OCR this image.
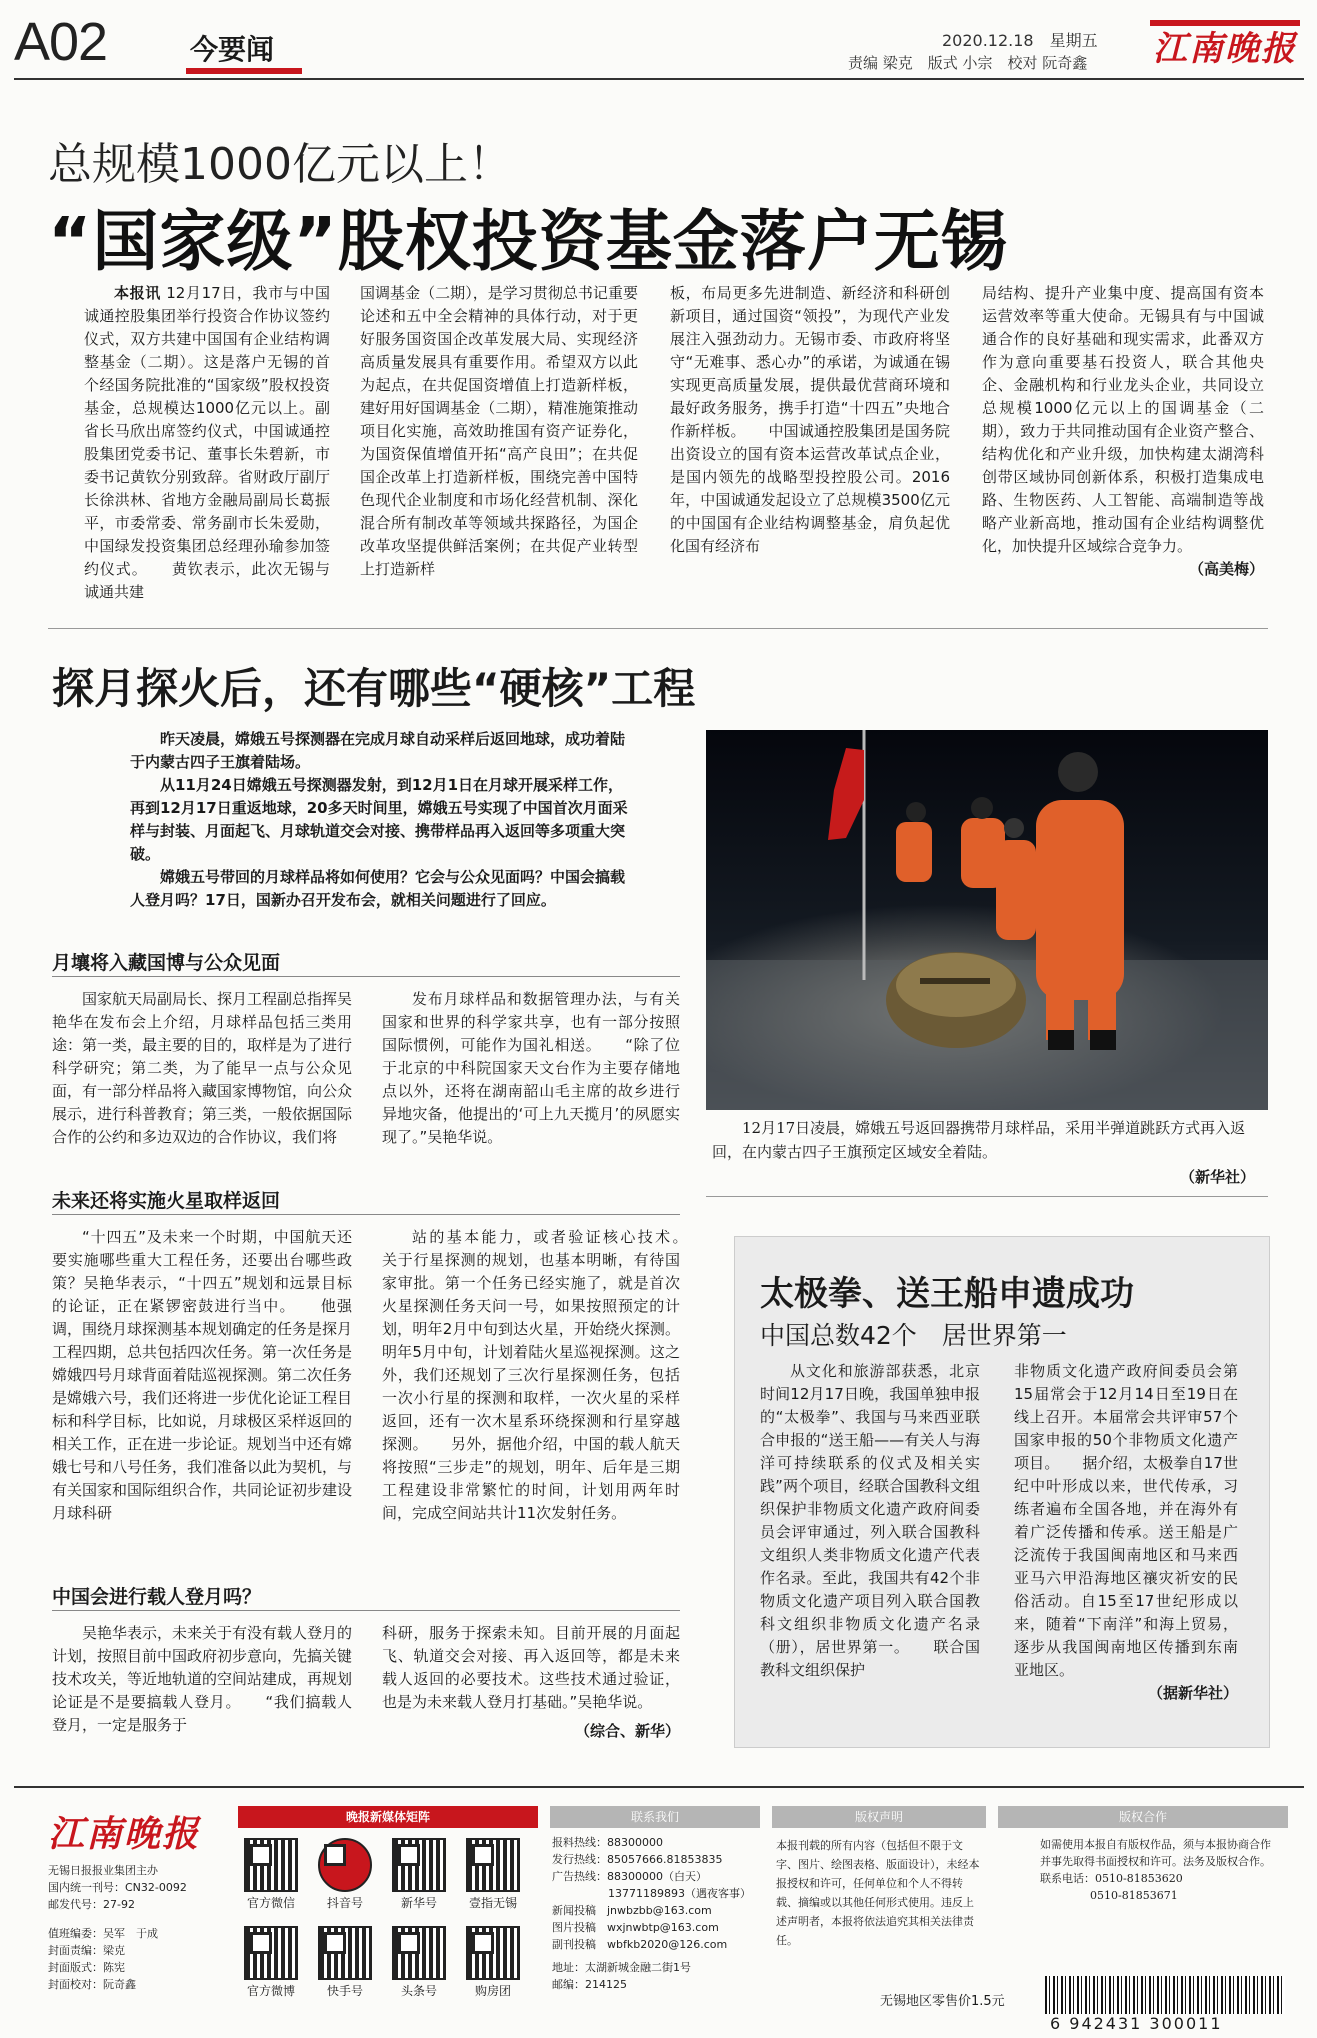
A02	今要闻	2020.12.18　星期五
责编 梁克　版式 小宗　校对 阮奇鑫 江南晚报
总规模1000亿元以上！
“国家级”股权投资基金落户无锡

本报讯 12月17日，我市与中国诚通控股集团举行投资合作协议签约仪式，双方共建中国国有企业结构调整基金（二期）。这是落户无锡的首个经国务院批准的“国家级”股权投资基金，总规模达1000亿元以上。副省长马欣出席签约仪式，中国诚通控股集团党委书记、董事长朱碧新，市委书记黄钦分别致辞。省财政厅副厅长徐洪林、省地方金融局副局长葛振平，市委常委、常务副市长朱爱勋，中国绿发投资集团总经理孙瑜参加签约仪式。　　黄钦表示，此次无锡与诚通共建

国调基金（二期），是学习贯彻总书记重要论述和五中全会精神的具体行动，对于更好服务国资国企改革发展大局、实现经济高质量发展具有重要作用。希望双方以此为起点，在共促国资增值上打造新样板，建好用好国调基金（二期），精准施策推动项目化实施，高效助推国有资产证券化，为国资保值增值开拓“高产良田”；在共促国企改革上打造新样板，围绕完善中国特色现代企业制度和市场化经营机制、深化混合所有制改革等领域共探路径，为国企改革攻坚提供鲜活案例；在共促产业转型上打造新样
板，布局更多先进制造、新经济和科研创新项目，通过国资“领投”，为现代产业发展注入强劲动力。无锡市委、市政府将坚守“无难事、悉心办”的承诺，为诚通在锡实现更高质量发展，提供最优营商环境和最好政务服务，携手打造“十四五”央地合作新样板。　　中国诚通控股集团是国务院出资设立的国有资本运营改革试点企业，是国内领先的战略型投控股公司。2016年，中国诚通发起设立了总规模3500亿元的中国国有企业结构调整基金，肩负起优化国有经济布
局结构、提升产业集中度、提高国有资本运营效率等重大使命。无锡具有与中国诚通合作的良好基础和现实需求，此番双方作为意向重要基石投资人，联合其他央企、金融机构和行业龙头企业，共同设立总规模1000亿元以上的国调基金（二期），致力于共同推动国有企业资产整合、结构优化和产业升级，加快构建太湖湾科创带区域协同创新体系，积极打造集成电路、生物医药、人工智能、高端制造等战略产业新高地，推动国有企业结构调整优化，加快提升区域综合竞争力。
（高美梅）
探月探火后，还有哪些“硬核”工程

昨天凌晨，嫦娥五号探测器在完成月球自动采样后返回地球，成功着陆于内蒙古四子王旗着陆场。

从11月24日嫦娥五号探测器发射，到12月1日在月球开展采样工作，再到12月17日重返地球，20多天时间里，嫦娥五号实现了中国首次月面采样与封装、月面起飞、月球轨道交会对接、携带样品再入返回等多项重大突破。

嫦娥五号带回的月球样品将如何使用？它会与公众见面吗？中国会搞载人登月吗？17日，国新办召开发布会，就相关问题进行了回应。

12月17日凌晨，嫦娥五号返回器携带月球样品，采用半弹道跳跃方式再入返回，在内蒙古四子王旗预定区域安全着陆。
（新华社）
月壤将入藏国博与公众见面

国家航天局副局长、探月工程副总指挥吴艳华在发布会上介绍，月球样品包括三类用途：第一类，最主要的目的，取样是为了进行科学研究；第二类，为了能早一点与公众见面，有一部分样品将入藏国家博物馆，向公众展示，进行科普教育；第三类，一般依据国际合作的公约和多边双边的合作协议，我们将

发布月球样品和数据管理办法，与有关国家和世界的科学家共享，也有一部分按照国际惯例，可能作为国礼相送。　　“除了位于北京的中科院国家天文台作为主要存储地点以外，还将在湖南韶山毛主席的故乡进行异地灾备，他提出的‘可上九天揽月’的夙愿实现了。”吴艳华说。

未来还将实施火星取样返回

“十四五”及未来一个时期，中国航天还要实施哪些重大工程任务，还要出台哪些政策？吴艳华表示，“十四五”规划和远景目标的论证，正在紧锣密鼓进行当中。　　他强调，围绕月球探测基本规划确定的任务是探月工程四期，总共包括四次任务。第一次任务是嫦娥四号月球背面着陆巡视探测。第二次任务是嫦娥六号，我们还将进一步优化论证工程目标和科学目标，比如说，月球极区采样返回的相关工作，正在进一步论证。规划当中还有嫦娥七号和八号任务，我们准备以此为契机，与有关国家和国际组织合作，共同论证初步建设月球科研

站的基本能力，或者验证核心技术。　　关于行星探测的规划，也基本明晰，有待国家审批。第一个任务已经实施了，就是首次火星探测任务天问一号，如果按照预定的计划，明年2月中旬到达火星，开始绕火探测。明年5月中旬，计划着陆火星巡视探测。这之外，我们还规划了三次行星探测任务，包括一次小行星的探测和取样，一次火星的采样返回，还有一次木星系环绕探测和行星穿越探测。　　另外，据他介绍，中国的载人航天将按照“三步走”的规划，明年、后年是三期工程建设非常繁忙的时间，计划用两年时间，完成空间站共计11次发射任务。

中国会进行载人登月吗？

吴艳华表示，未来关于有没有载人登月的计划，按照目前中国政府初步意向，先搞关键技术攻关，等近地轨道的空间站建成，再规划论证是不是要搞载人登月。　　“我们搞载人登月，一定是服务于

科研，服务于探索未知。目前开展的月面起飞、轨道交会对接、再入返回等，都是未来载人返回的必要技术。这些技术通过验证，也是为未来载人登月打基础。”吴艳华说。
（综合、新华）
太极拳、送王船申遗成功
中国总数42个　居世界第一

从文化和旅游部获悉，北京时间12月17日晚，我国单独申报的“太极拳”、我国与马来西亚联合申报的“送王船——有关人与海洋可持续联系的仪式及相关实践”两个项目，经联合国教科文组织保护非物质文化遗产政府间委员会评审通过，列入联合国教科文组织人类非物质文化遗产代表作名录。至此，我国共有42个非物质文化遗产项目列入联合国教科文组织非物质文化遗产名录（册），居世界第一。　　联合国教科文组织保护

非物质文化遗产政府间委员会第15届常会于12月14日至19日在线上召开。本届常会共评审57个国家申报的50个非物质文化遗产项目。　　据介绍，太极拳自17世纪中叶形成以来，世代传承，习练者遍布全国各地，并在海外有着广泛传播和传承。送王船是广泛流传于我国闽南地区和马来西亚马六甲沿海地区禳灾祈安的民俗活动。自15至17世纪形成以来，随着“下南洋”和海上贸易，逐步从我国闽南地区传播到东南亚地区。
（据新华社）
江南晚报
无锡日报报业集团主办
国内统一刊号：CN32-0092
邮发代号：27-92
值班编委：吴军　于成
封面责编：梁克
封面版式：陈宪
封面校对：阮奇鑫
晚报新媒体矩阵
官方微信	抖音号	新华号	壹指无锡
官方微博	快手号	头条号	购房团
联系我们
报料热线：88300000
发行热线：85057666.81853835
广告热线：88300000（白天）
13771189893（遇夜客事）
新闻投稿　jnwbzbb@163.com
图片投稿　wxjnwbtp@163.com
副刊投稿　wbfkb2020@126.com
地址：太湖新城金融二街1号
邮编：214125
版权声明
本报刊载的所有内容（包括但不限于文字、图片、绘图表格、版面设计），未经本报授权和许可，任何单位和个人不得转载、摘编或以其他任何形式使用。违反上述声明者，本报将依法追究其相关法律责任。
版权合作
如需使用本报自有版权作品，须与本报协商合作并事先取得书面授权和许可。法务及版权合作。
联系电话：0510-81853620
0510-81853671
无锡地区零售价1.5元
6 942431 300011
